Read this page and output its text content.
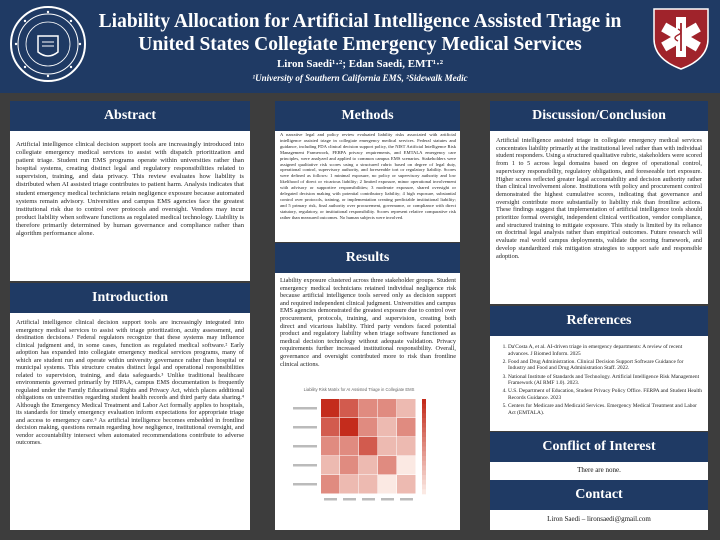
Liability Allocation for Artificial Intelligence Assisted Triage in United States Collegiate Emergency Medical Services
Liron Saedi¹·²; Edan Saedi, EMT¹·²
¹University of Southern California EMS, ²Sidewalk Medic
Abstract
Artificial intelligence clinical decision support tools are increasingly introduced into collegiate emergency medical services to assist with dispatch prioritization and patient triage. Student run EMS programs operate within universities rather than hospital systems, creating distinct legal and regulatory responsibilities related to supervision, training, and data privacy. This review evaluates how liability is distributed when AI assisted triage contributes to patient harm. Analysis indicates that student emergency medical technicians retain negligence exposure because automated systems remain advisory. Universities and campus EMS agencies face the greatest institutional risk due to control over protocols and oversight. Vendors may incur product liability when software functions as regulated medical technology. Liability is therefore primarily determined by human governance and compliance rather than algorithm performance alone.
Introduction
Artificial intelligence clinical decision support tools are increasingly integrated into emergency medical services to assist with triage prioritization, acuity assessment, and destination decisions.¹ Federal regulators recognize that these systems may influence clinical judgment and, in some cases, function as regulated medical software.² Early adoption has expanded into collegiate emergency medical services programs, many of which are student run and operate within university governance rather than hospital or municipal systems. This structure creates distinct legal and operational responsibilities related to supervision, training, and data safeguards.³ Unlike traditional healthcare environments governed primarily by HIPAA, campus EMS documentation is frequently regulated under the Family Educational Rights and Privacy Act, which places additional obligations on universities regarding student health records and third party data sharing.⁴ Although the Emergency Medical Treatment and Labor Act formally applies to hospitals, its standards for timely emergency evaluation inform expectations for appropriate triage and access to emergency care.⁵ As artificial intelligence becomes embedded in frontline decision making, questions remain regarding how negligence, institutional oversight, and vendor accountability intersect when automated recommendations contribute to adverse outcomes.
Methods
A narrative legal and policy review evaluated liability risks associated with artificial intelligence assisted triage in collegiate emergency medical services. Federal statutes and guidance, including FDA clinical decision support policy, the NIST Artificial Intelligence Risk Management Framework, FERPA privacy requirements, and EMTALA emergency care principles, were analyzed and applied to common campus EMS scenarios. Stakeholders were assigned qualitative risk scores using a structured rubric based on degree of legal duty, operational control, supervisory authority, and foreseeable tort or regulatory liability. Scores were defined as follows: 1 minimal exposure, no policy or supervisory authority and low likelihood of direct or vicarious liability; 2 limited exposure, minor operational involvement with advisory or supportive responsibilities; 3 moderate exposure, shared oversight or delegated decision making with potential contributory liability; 4 high exposure, substantial control over protocols, training, or implementation creating predictable institutional liability; and 5 primary risk, final authority over procurement, governance, or compliance with direct statutory, regulatory, or institutional responsibility. Scores represent relative comparative risk rather than measured outcomes. No human subjects were involved.
Results
Liability exposure clustered across three stakeholder groups. Student emergency medical technicians retained individual negligence risk because artificial intelligence tools served only as decision support and required independent clinical judgment. Universities and campus EMS agencies demonstrated the greatest exposure due to control over procurement, protocols, training, and supervision, creating both direct and vicarious liability. Third party vendors faced potential product and regulatory liability when triage software functioned as medical decision technology without adequate validation. Privacy requirements further increased institutional responsibility. Overall, governance and oversight contributed more to risk than frontline clinical actions.
Liability Risk Matrix for AI Assisted Triage in Collegiate EMS
Discussion/Conclusion
Artificial intelligence assisted triage in collegiate emergency medical services concentrates liability primarily at the institutional level rather than with individual student responders. Using a structured qualitative rubric, stakeholders were scored from 1 to 5 across legal domains based on degree of operational control, supervisory responsibility, regulatory obligations, and foreseeable tort exposure. Higher scores reflected greater legal accountability and decision authority rather than clinical involvement alone. Institutions with policy and procurement control demonstrated the highest cumulative scores, indicating that governance and oversight contribute more substantially to liability risk than frontline actions. These findings suggest that implementation of artificial intelligence tools should prioritize formal oversight, independent clinical verification, vendor compliance, and structured training to mitigate exposure. This study is limited by its reliance on doctrinal legal analysis rather than empirical outcomes. Future research will evaluate real world campus deployments, validate the scoring framework, and develop standardized risk mitigation strategies to support safe and responsible adoption.
References
1. Da'Costa A, et al. AI-driven triage in emergency departments: A review of recent advances. J Biomed Inform. 2025
2. Food and Drug Administration. Clinical Decision Support Software Guidance for Industry and Food and Drug Administration Staff. 2022.
3. National Institute of Standards and Technology. Artificial Intelligence Risk Management Framework (AI RMF 1.0). 2023.
4. U.S. Department of Education, Student Privacy Policy Office. FERPA and Student Health Records Guidance. 2023
5. Centers for Medicare and Medicaid Services. Emergency Medical Treatment and Labor Act (EMTALA).
Conflict of Interest
There are none.
Contact
Liron Saedi – lironsaedi@gmail.com
